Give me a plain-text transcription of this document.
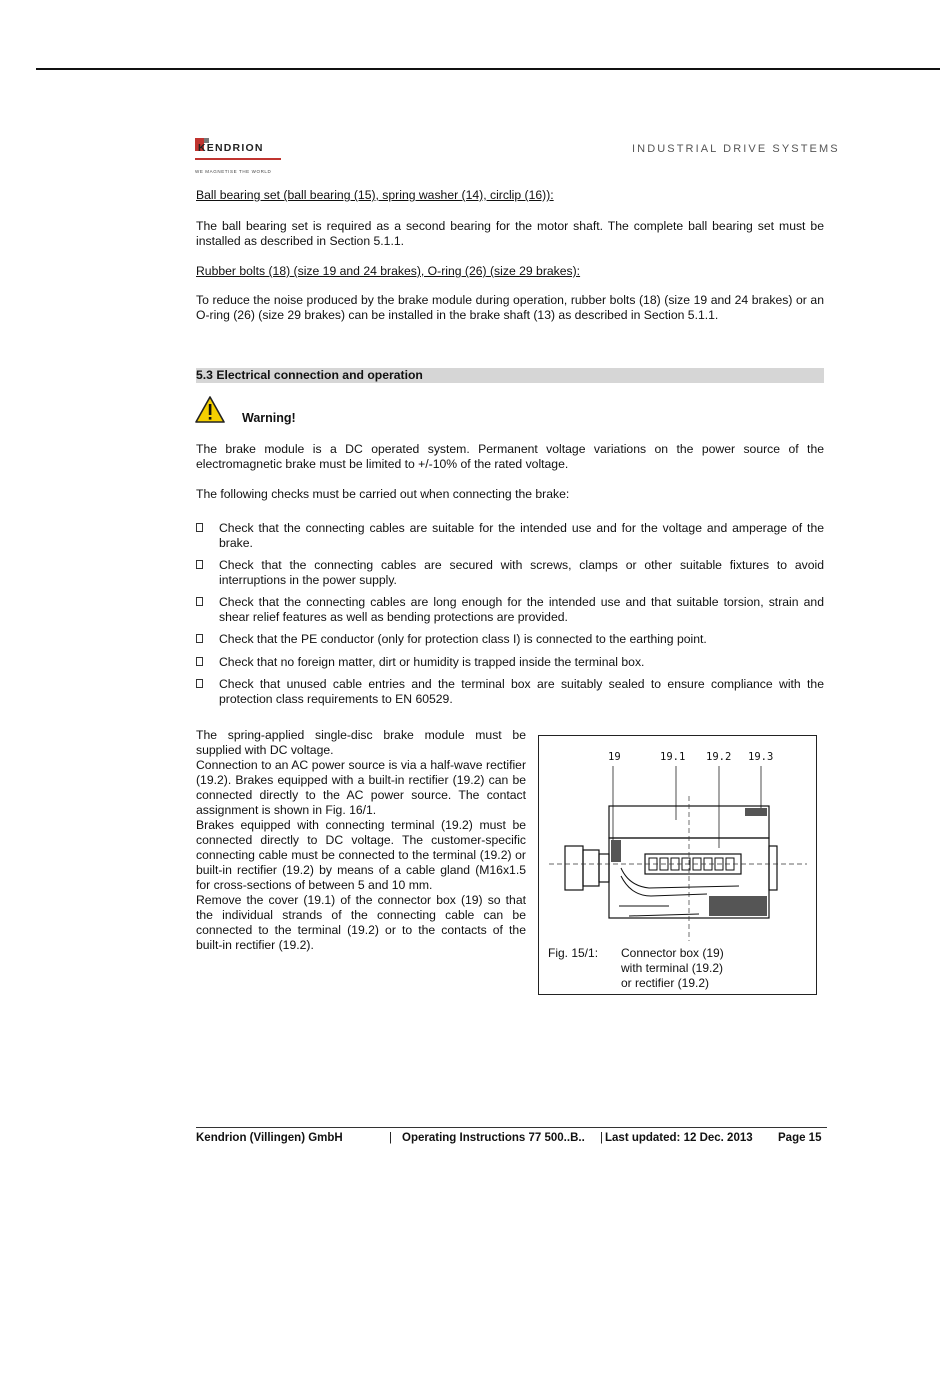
KENDRION
WE MAGNETISE THE WORLD
INDUSTRIAL DRIVE SYSTEMS
Ball bearing set (ball bearing (15), spring washer (14), circlip (16)):
The ball bearing set is required as a second bearing for the motor shaft. The complete ball bearing set must be installed as described in Section 5.1.1.
Rubber bolts (18) (size 19 and 24 brakes), O-ring (26) (size 29 brakes):
To reduce the noise produced by the brake module during operation, rubber bolts (18) (size 19 and 24 brakes) or an O-ring (26) (size 29 brakes) can be installed in the brake shaft (13) as described in Section 5.1.1.
5.3 Electrical connection and operation
Warning!
The brake module is a DC operated system. Permanent voltage variations on the power source of the electromagnetic brake must be limited to +/-10% of the rated voltage.
The following checks must be carried out when connecting the brake:
Check that the connecting cables are suitable for the intended use and for the voltage and amperage of the brake.
Check that the connecting cables are secured with screws, clamps or other suitable fixtures to avoid interruptions in the power supply.
Check that the connecting cables are long enough for the intended use and that suitable torsion, strain and shear relief features as well as bending protections are provided.
Check that the PE conductor (only for protection class I) is connected to the earthing point.
Check that no foreign matter, dirt or humidity is trapped inside the terminal box.
Check that unused cable entries and the terminal box are suitably sealed to ensure compliance with the protection class requirements to EN 60529.

The spring-applied single-disc brake module must be supplied with DC voltage.

Connection to an AC power source is via a half-wave rectifier (19.2). Brakes equipped with a built-in rectifier (19.2) can be connected directly to the AC power source. The contact assignment is shown in Fig. 16/1.

Brakes equipped with connecting terminal (19.2) must be connected directly to DC voltage. The customer-specific connecting cable must be connected to the terminal (19.2) or built-in rectifier (19.2) by means of a cable gland (M16x1.5 for cross-sections of between 5 and 10 mm.

Remove the cover (19.1) of the connector box (19) so that the individual strands of the connecting cable can be connected to the terminal (19.2) or to the contacts of the built-in rectifier (19.2).

19	19.1 19.2 19.3
Fig. 15/1: Connector box (19)
with terminal (19.2)
or rectifier (19.2)
Kendrion (Villingen) GmbH	| Operating Instructions 77 500..B.. | Last updated: 12 Dec. 2013 Page 15
